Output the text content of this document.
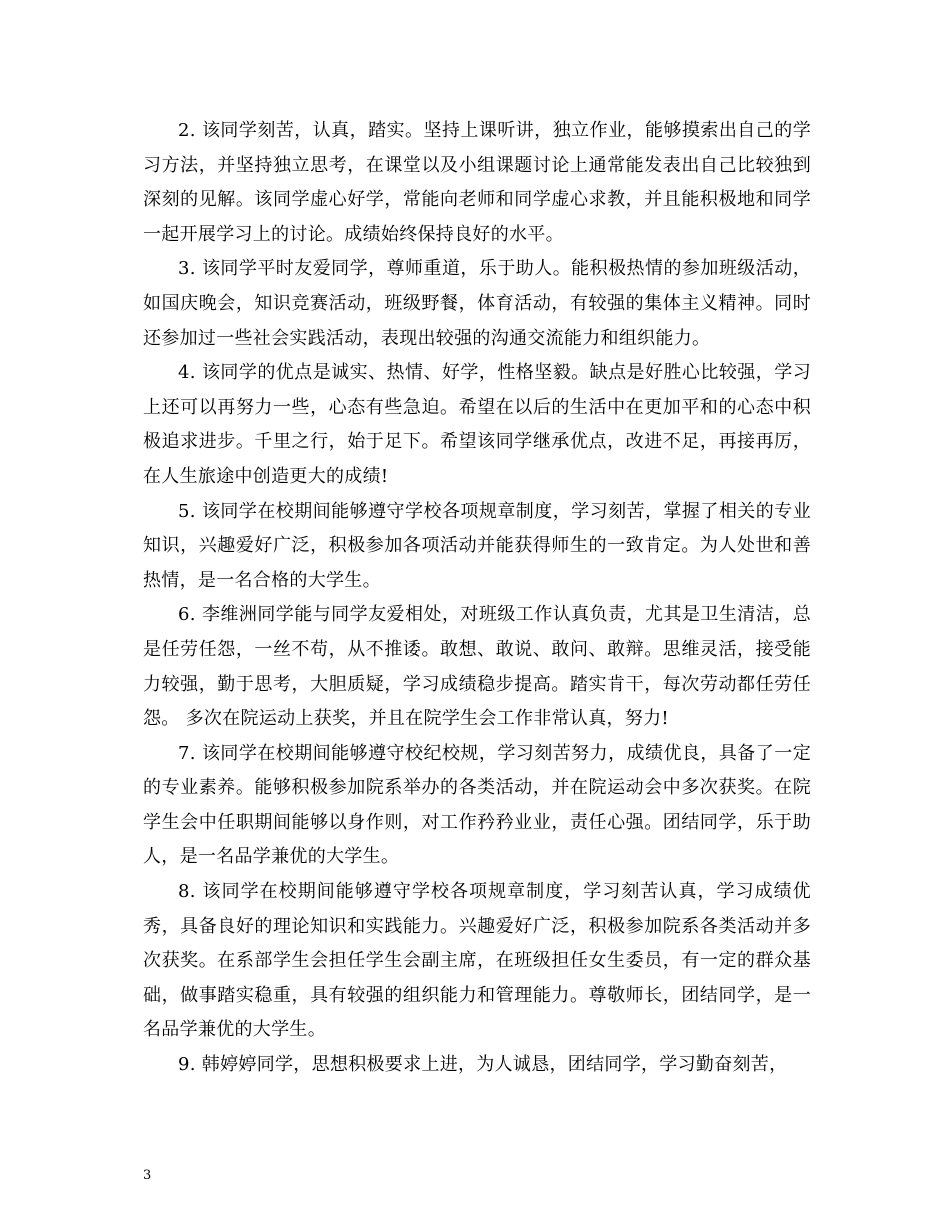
2. 该同学刻苦，认真，踏实。坚持上课听讲，独立作业，能够摸索出自己的学习方法，并坚持独立思考，在课堂以及小组课题讨论上通常能发表出自己比较独到深刻的见解。该同学虚心好学，常能向老师和同学虚心求教，并且能积极地和同学一起开展学习上的讨论。成绩始终保持良好的水平。

3. 该同学平时友爱同学，尊师重道，乐于助人。能积极热情的参加班级活动，如国庆晚会，知识竞赛活动，班级野餐，体育活动，有较强的集体主义精神。同时还参加过一些社会实践活动，表现出较强的沟通交流能力和组织能力。

4. 该同学的优点是诚实、热情、好学，性格坚毅。缺点是好胜心比较强，学习上还可以再努力一些，心态有些急迫。希望在以后的生活中在更加平和的心态中积极追求进步。千里之行，始于足下。希望该同学继承优点，改进不足，再接再厉，在人生旅途中创造更大的成绩!

5. 该同学在校期间能够遵守学校各项规章制度，学习刻苦，掌握了相关的专业知识，兴趣爱好广泛，积极参加各项活动并能获得师生的一致肯定。为人处世和善热情，是一名合格的大学生。

6. 李维洲同学能与同学友爱相处，对班级工作认真负责，尤其是卫生清洁，总是任劳任怨，一丝不苟，从不推诿。敢想、敢说、敢问、敢辩。思维灵活，接受能力较强，勤于思考，大胆质疑，学习成绩稳步提高。踏实肯干，每次劳动都任劳任怨。 多次在院运动上获奖，并且在院学生会工作非常认真，努力!

7. 该同学在校期间能够遵守校纪校规，学习刻苦努力，成绩优良，具备了一定的专业素养。能够积极参加院系举办的各类活动，并在院运动会中多次获奖。在院学生会中任职期间能够以身作则，对工作矜矜业业，责任心强。团结同学，乐于助人，是一名品学兼优的大学生。

8. 该同学在校期间能够遵守学校各项规章制度，学习刻苦认真，学习成绩优秀，具备良好的理论知识和实践能力。兴趣爱好广泛，积极参加院系各类活动并多次获奖。在系部学生会担任学生会副主席，在班级担任女生委员，有一定的群众基础，做事踏实稳重，具有较强的组织能力和管理能力。尊敬师长，团结同学，是一名品学兼优的大学生。

9. 韩婷婷同学，思想积极要求上进，为人诚恳，团结同学，学习勤奋刻苦，

3
